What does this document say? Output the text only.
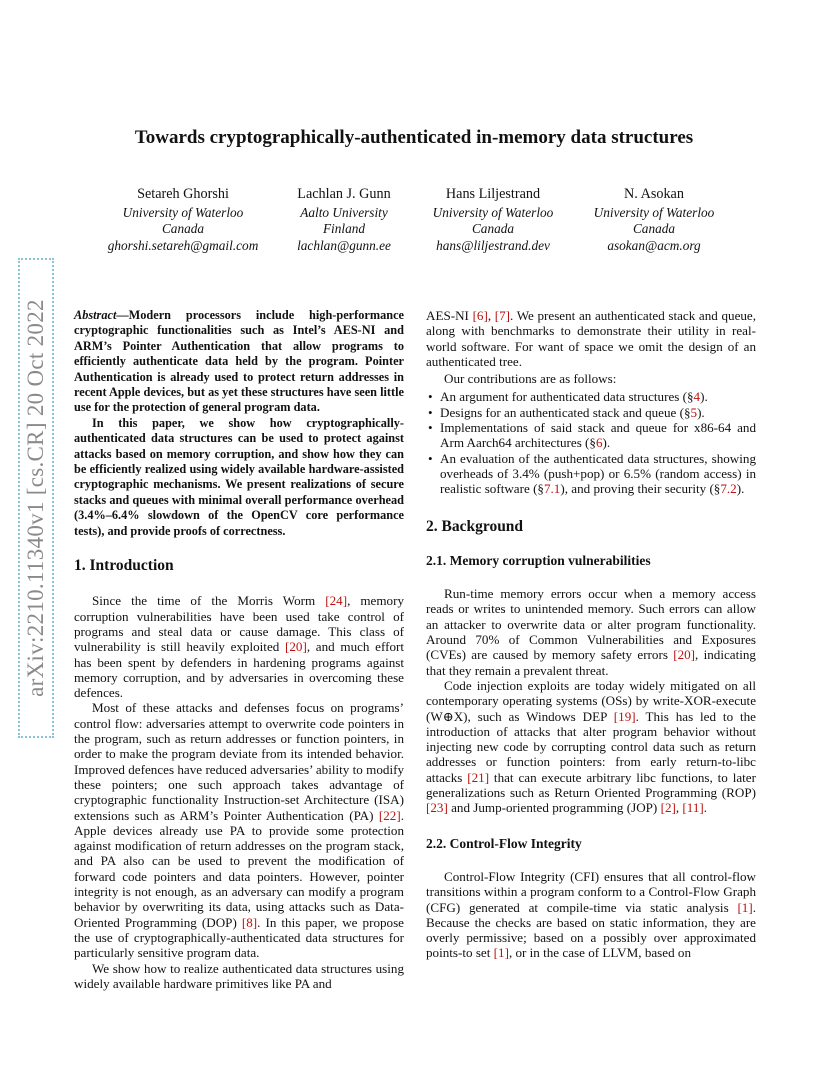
arXiv:2210.11340v1 [cs.CR] 20 Oct 2022
Towards cryptographically-authenticated in-memory data structures
Setareh Ghorshi
University of Waterloo
Canada
ghorshi.setareh@gmail.com
Lachlan J. Gunn
Aalto University
Finland
lachlan@gunn.ee
Hans Liljestrand
University of Waterloo
Canada
hans@liljestrand.dev
N. Asokan
University of Waterloo
Canada
asokan@acm.org

Abstract—Modern processors include high-performance cryptographic functionalities such as Intel’s AES-NI and ARM’s Pointer Authentication that allow programs to efficiently authenticate data held by the program. Pointer Authentication is already used to protect return addresses in recent Apple devices, but as yet these structures have seen little use for the protection of general program data.

In this paper, we show how cryptographically-authenticated data structures can be used to protect against attacks based on memory corruption, and show how they can be efficiently realized using widely available hardware-assisted cryptographic mechanisms. We present realizations of secure stacks and queues with minimal overall performance overhead (3.4%–6.4% slowdown of the OpenCV core performance tests), and provide proofs of correctness.

1. Introduction

Since the time of the Morris Worm [24], memory corruption vulnerabilities have been used take control of programs and steal data or cause damage. This class of vulnerability is still heavily exploited [20], and much effort has been spent by defenders in hardening programs against memory corruption, and by adversaries in overcoming these defences.

Most of these attacks and defenses focus on programs’ control flow: adversaries attempt to overwrite code pointers in the program, such as return addresses or function pointers, in order to make the program deviate from its intended behavior. Improved defences have reduced adversaries’ ability to modify these pointers; one such approach takes advantage of cryptographic functionality Instruction-set Architecture (ISA) extensions such as ARM’s Pointer Authentication (PA) [22]. Apple devices already use PA to provide some protection against modification of return addresses on the program stack, and PA also can be used to prevent the modification of forward code pointers and data pointers. However, pointer integrity is not enough, as an adversary can modify a program behavior by overwriting its data, using attacks such as Data-Oriented Programming (DOP) [8]. In this paper, we propose the use of cryptographically-authenticated data structures for particularly sensitive program data.

We show how to realize authenticated data structures using widely available hardware primitives like PA and

AES-NI [6], [7]. We present an authenticated stack and queue, along with benchmarks to demonstrate their utility in real-world software. For want of space we omit the design of an authenticated tree.

Our contributions are as follows:

• An argument for authenticated data structures (§4).
• Designs for an authenticated stack and queue (§5).
• Implementations of said stack and queue for x86-64 and Arm Aarch64 architectures (§6).
• An evaluation of the authenticated data structures, showing overheads of 3.4% (push+pop) or 6.5% (random access) in realistic software (§7.1), and proving their security (§7.2).
2. Background
2.1. Memory corruption vulnerabilities

Run-time memory errors occur when a memory access reads or writes to unintended memory. Such errors can allow an attacker to overwrite data or alter program functionality. Around 70% of Common Vulnerabilities and Exposures (CVEs) are caused by memory safety errors [20], indicating that they remain a prevalent threat.

Code injection exploits are today widely mitigated on all contemporary operating systems (OSs) by write-XOR-execute (W⊕X), such as Windows DEP [19]. This has led to the introduction of attacks that alter program behavior without injecting new code by corrupting control data such as return addresses or function pointers: from early return-to-libc attacks [21] that can execute arbitrary libc functions, to later generalizations such as Return Oriented Programming (ROP) [23] and Jump-oriented programming (JOP) [2], [11].

2.2. Control-Flow Integrity

Control-Flow Integrity (CFI) ensures that all control-flow transitions within a program conform to a Control-Flow Graph (CFG) generated at compile-time via static analysis [1]. Because the checks are based on static information, they are overly permissive; based on a possibly over approximated points-to set [1], or in the case of LLVM, based on
